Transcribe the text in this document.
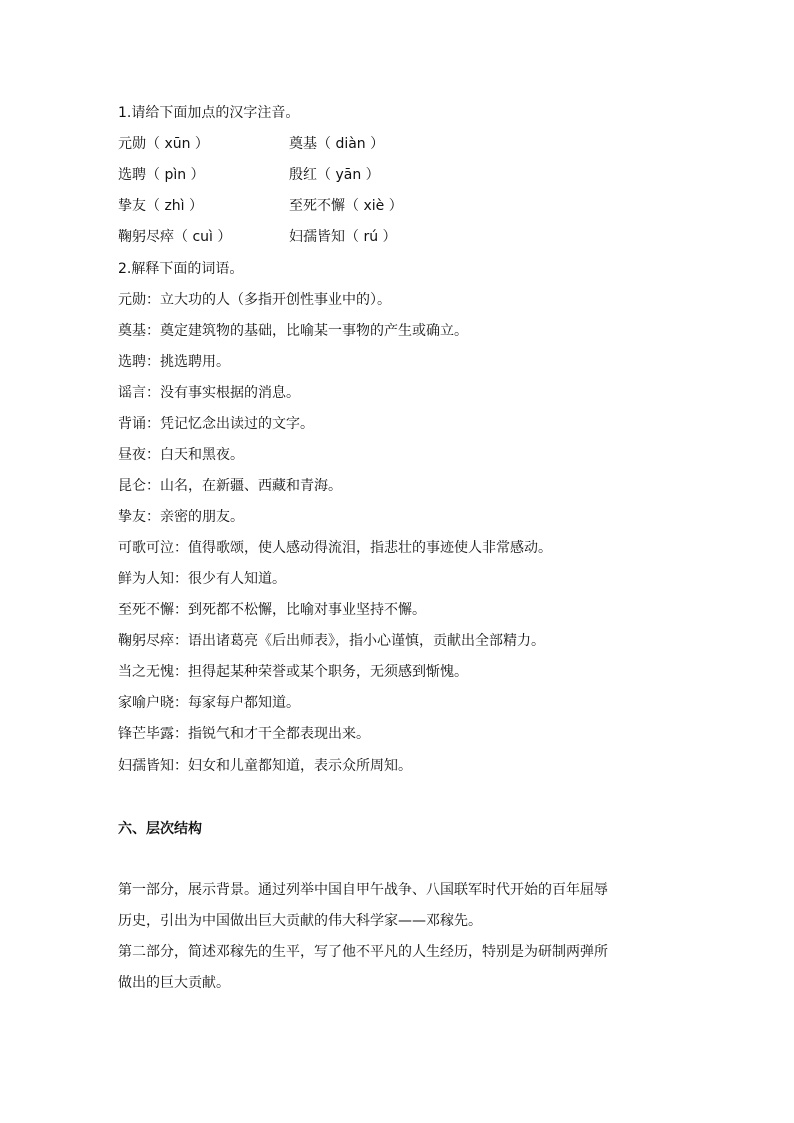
1.请给下面加点的汉字注音。
元勋（ xūn ）	奠基（ diàn ）
选聘（ pìn ）	殷红（ yān ）
挚友（ zhì ）	至死不懈（ xiè ）
鞠躬尽瘁（ cuì ）	妇孺皆知（ rú ）
2.解释下面的词语。
元勋：立大功的人（多指开创性事业中的）。
奠基：奠定建筑物的基础，比喻某一事物的产生或确立。
选聘：挑选聘用。
谣言：没有事实根据的消息。
背诵：凭记忆念出读过的文字。
昼夜：白天和黑夜。
昆仑：山名，在新疆、西藏和青海。
挚友：亲密的朋友。
可歌可泣：值得歌颂，使人感动得流泪，指悲壮的事迹使人非常感动。
鲜为人知：很少有人知道。
至死不懈：到死都不松懈，比喻对事业坚持不懈。
鞠躬尽瘁：语出诸葛亮《后出师表》，指小心谨慎，贡献出全部精力。
当之无愧：担得起某种荣誉或某个职务，无须感到惭愧。
家喻户晓：每家每户都知道。
锋芒毕露：指锐气和才干全都表现出来。
妇孺皆知：妇女和儿童都知道，表示众所周知。
六、层次结构
第一部分，展示背景。通过列举中国自甲午战争、八国联军时代开始的百年屈辱
历史，引出为中国做出巨大贡献的伟大科学家——邓稼先。
第二部分，简述邓稼先的生平，写了他不平凡的人生经历，特别是为研制两弹所
做出的巨大贡献。
